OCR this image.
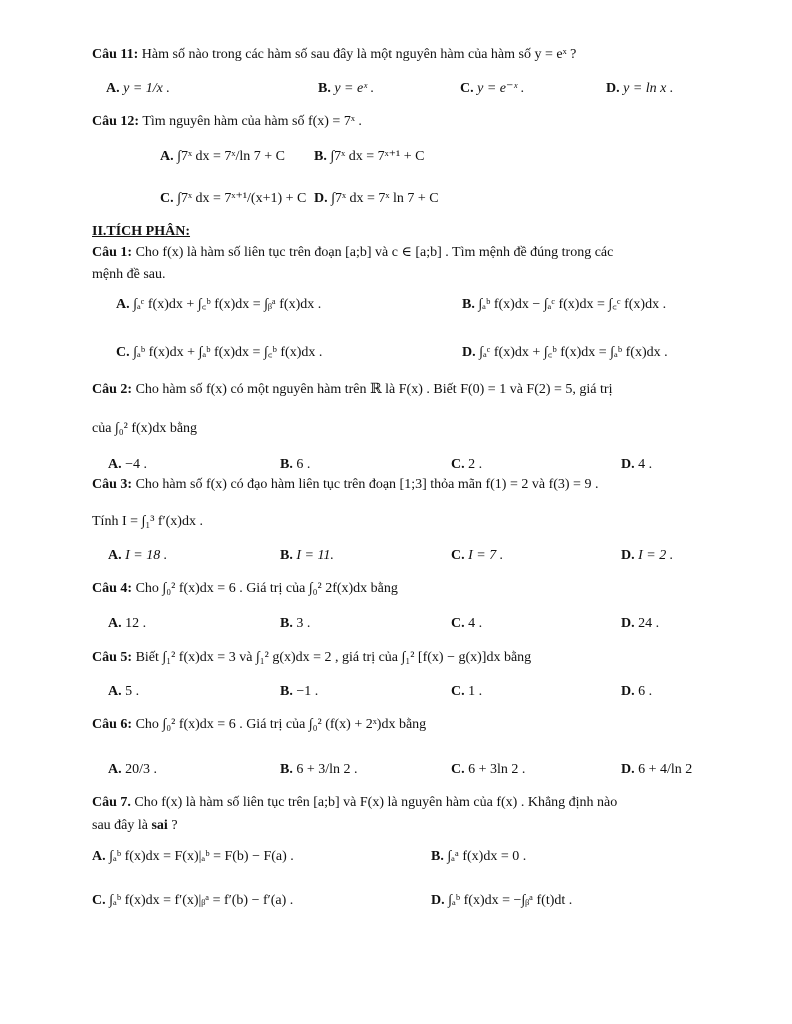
Câu 11: Hàm số nào trong các hàm số sau đây là một nguyên hàm của hàm số y = eˣ ?
A. y = 1/x .	B. y = eˣ .	C. y = e⁻ˣ .	D. y = ln x .
Câu 12: Tìm nguyên hàm của hàm số f(x) = 7ˣ .
A. ∫7ˣ dx = 7ˣ/ln 7 + C B. ∫7ˣ dx = 7ˣ⁺¹ + C
C. ∫7ˣ dx = 7ˣ⁺¹/(x+1) + C D. ∫7ˣ dx = 7ˣ ln 7 + C
II.TÍCH PHÂN:
Câu 1: Cho f(x) là hàm số liên tục trên đoạn [a;b] và c ∈ [a;b] . Tìm mệnh đề đúng trong các
mệnh đề sau.
A. ∫ₐᶜ f(x)dx + ∫꜀ᵇ f(x)dx = ∫ᵦᵃ f(x)dx .	B. ∫ₐᵇ f(x)dx − ∫ₐᶜ f(x)dx = ∫꜀ᶜ f(x)dx .
C. ∫ₐᵇ f(x)dx + ∫ₐᵇ f(x)dx = ∫꜀ᵇ f(x)dx .	D. ∫ₐᶜ f(x)dx + ∫꜀ᵇ f(x)dx = ∫ₐᵇ f(x)dx .
Câu 2: Cho hàm số f(x) có một nguyên hàm trên ℝ là F(x) . Biết F(0) = 1 và F(2) = 5, giá trị
của ∫₀² f(x)dx bằng
A. −4 .	B. 6 .	C. 2 .	D. 4 .
Câu 3: Cho hàm số f(x) có đạo hàm liên tục trên đoạn [1;3] thỏa mãn f(1) = 2 và f(3) = 9 .
Tính I = ∫₁³ f′(x)dx .
A. I = 18 .	B. I = 11.	C. I = 7 .	D. I = 2 .
Câu 4: Cho ∫₀² f(x)dx = 6 . Giá trị của ∫₀² 2f(x)dx bằng
A. 12 .	B. 3 .	C. 4 .	D. 24 .
Câu 5: Biết ∫₁² f(x)dx = 3 và ∫₁² g(x)dx = 2 , giá trị của ∫₁² [f(x) − g(x)]dx bằng
A. 5 .	B. −1 .	C. 1 .	D. 6 .
Câu 6: Cho ∫₀² f(x)dx = 6 . Giá trị của ∫₀² (f(x) + 2ˣ)dx bằng
A. 20/3 .	B. 6 + 3/ln 2 .	C. 6 + 3ln 2 .	D. 6 + 4/ln 2
Câu 7. Cho f(x) là hàm số liên tục trên [a;b] và F(x) là nguyên hàm của f(x) . Khẳng định nào
sau đây là sai ?
A. ∫ₐᵇ f(x)dx = F(x)|ₐᵇ = F(b) − F(a) .	B. ∫ₐᵃ f(x)dx = 0 .
C. ∫ₐᵇ f(x)dx = f′(x)|ᵦᵃ = f′(b) − f′(a) .	D. ∫ₐᵇ f(x)dx = −∫ᵦᵃ f(t)dt .
